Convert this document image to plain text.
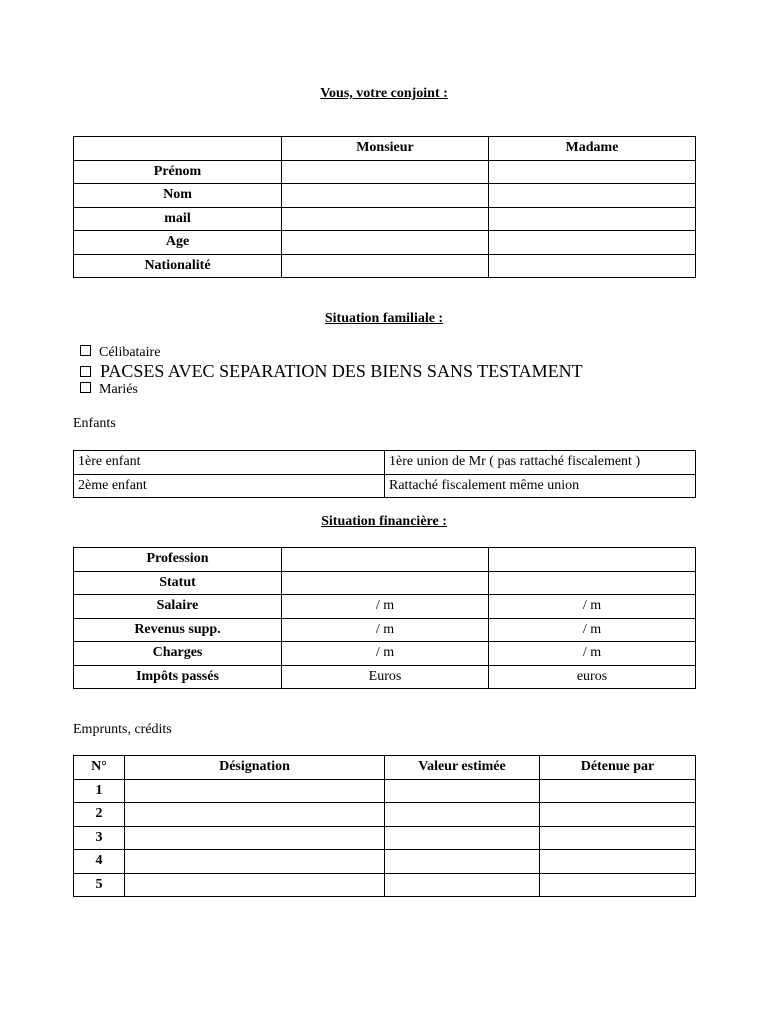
Vous, votre conjoint :
	Monsieur	Madame
Prénom		
Nom		
mail		
Age		
Nationalité		
Situation familiale :
Célibataire
PACSES AVEC SEPARATION DES BIENS SANS TESTAMENT
Mariés
Enfants
1ère enfant	1ère union de Mr ( pas rattaché fiscalement )
2ème enfant	Rattaché fiscalement même union
Situation financière :
Profession		
Statut		
Salaire	/ m	/ m
Revenus supp.	/ m	/ m
Charges	/ m	/ m
Impôts passés	Euros	euros
Emprunts, crédits
N°	Désignation	Valeur estimée	Détenue par
1			
2			
3			
4			
5			
